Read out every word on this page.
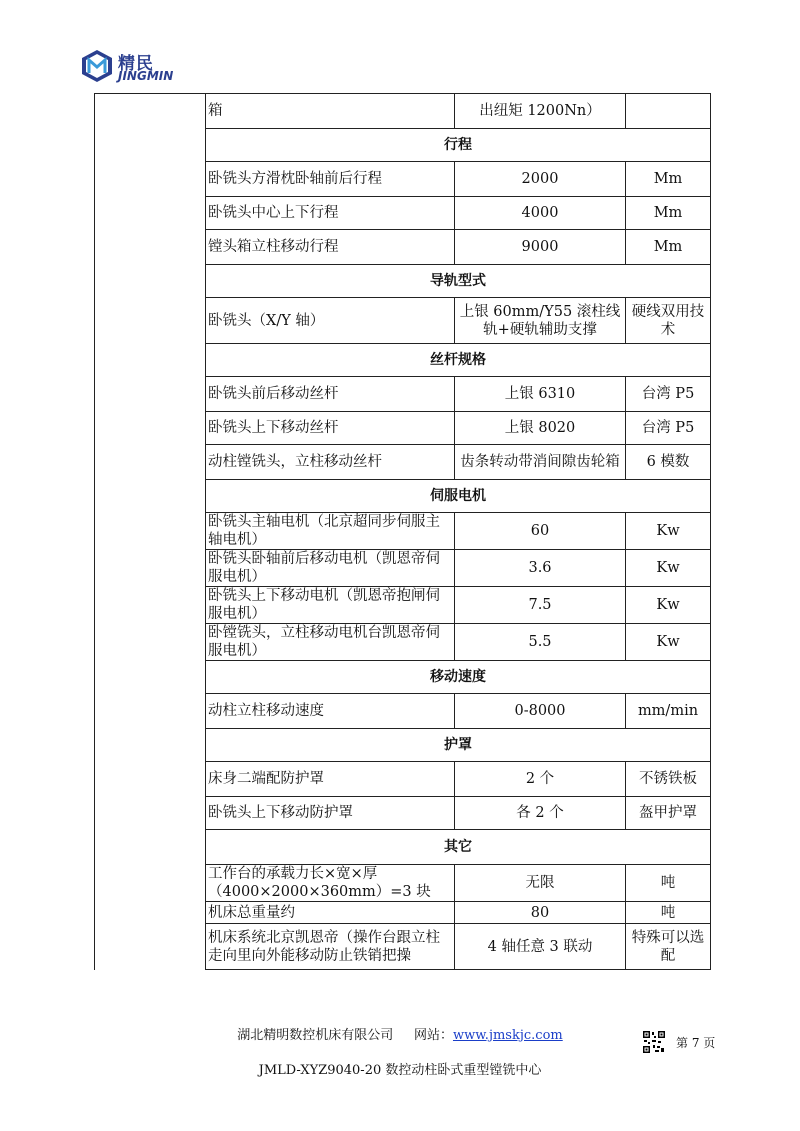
精民
JINGMIN
	箱	出纽矩 1200Nn）	
	行程		
	卧铣头方滑枕卧轴前后行程	2000	Mm
	卧铣头中心上下行程	4000	Mm
	镗头箱立柱移动行程	9000	Mm
	导轨型式		
	卧铣头（X/Y 轴）	上银 60mm/Y55 滚柱线轨+硬轨辅助支撑	硬线双用技术
	丝杆规格		
	卧铣头前后移动丝杆	上银 6310	台湾 P5
	卧铣头上下移动丝杆	上银 8020	台湾 P5
	动柱镗铣头，立柱移动丝杆	齿条转动带消间隙齿轮箱	6 模数
	伺服电机		
	卧铣头主轴电机（北京超同步伺服主轴电机）	60	Kw
	卧铣头卧轴前后移动电机（凯恩帝伺服电机）	3.6	Kw
	卧铣头上下移动电机（凯恩帝抱闸伺服电机）	7.5	Kw
	卧镗铣头，立柱移动电机台凯恩帝伺服电机）	5.5	Kw
	移动速度		
	动柱立柱移动速度	0-8000	mm/min
	护罩		
	床身二端配防护罩	2 个	不锈铁板
	卧铣头上下移动防护罩	各 2 个	盔甲护罩
	其它		
	工作台的承载力长×宽×厚（4000×2000×360mm）=3 块	无限	吨
	机床总重量约	80	吨
	机床系统北京凯恩帝（操作台跟立柱走向里向外能移动防止铁销把操	4 轴任意 3 联动	特殊可以选配
湖北精明数控机床有限公司 网站：www.jmskjc.com	第 7 页
JMLD-XYZ9040-20 数控动柱卧式重型镗铣中心
